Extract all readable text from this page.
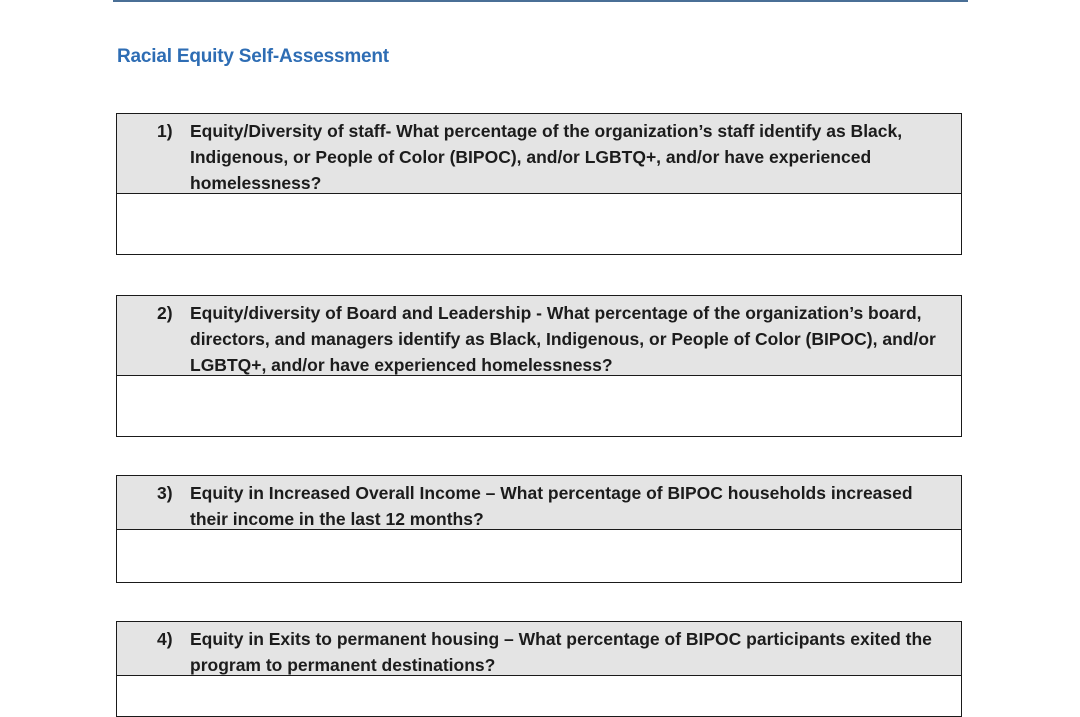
Racial Equity Self-Assessment
1) Equity/Diversity of staff- What percentage of the organization’s staff identify as Black, Indigenous, or People of Color (BIPOC), and/or LGBTQ+, and/or have experienced homelessness?
2) Equity/diversity of Board and Leadership - What percentage of the organization’s board, directors, and managers identify as Black, Indigenous, or People of Color (BIPOC), and/or LGBTQ+, and/or have experienced homelessness?
3) Equity in Increased Overall Income – What percentage of BIPOC households increased their income in the last 12 months?
4) Equity in Exits to permanent housing – What percentage of BIPOC participants exited the program to permanent destinations?
